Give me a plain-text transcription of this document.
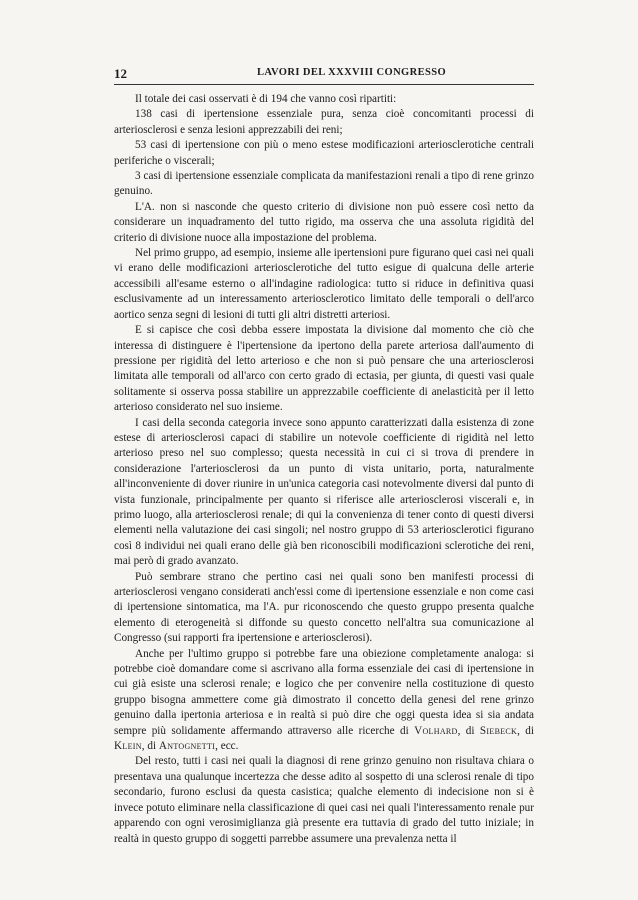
12	LAVORI DEL XXXVIII CONGRESSO

Il totale dei casi osservati è di 194 che vanno così ripartiti:

138 casi di ipertensione essenziale pura, senza cioè concomitanti processi di arteriosclerosi e senza lesioni apprezzabili dei reni;

53 casi di ipertensione con più o meno estese modificazioni arteriosclerotiche centrali periferiche o viscerali;

3 casi di ipertensione essenziale complicata da manifestazioni renali a tipo di rene grinzo genuino.

L'A. non si nasconde che questo criterio di divisione non può essere così netto da considerare un inquadramento del tutto rigido, ma osserva che una assoluta rigidità del criterio di divisione nuoce alla impostazione del problema.

Nel primo gruppo, ad esempio, insieme alle ipertensioni pure figurano quei casi nei quali vi erano delle modificazioni arteriosclerotiche del tutto esigue di qualcuna delle arterie accessibili all'esame esterno o all'indagine radiologica: tutto si riduce in definitiva quasi esclusivamente ad un interessamento arteriosclerotico limitato delle temporali o dell'arco aortico senza segni di lesioni di tutti gli altri distretti arteriosi.

E si capisce che così debba essere impostata la divisione dal momento che ciò che interessa di distinguere è l'ipertensione da ipertono della parete arteriosa dall'aumento di pressione per rigidità del letto arterioso e che non si può pensare che una arteriosclerosi limitata alle temporali od all'arco con certo grado di ectasia, per giunta, di questi vasi quale solitamente si osserva possa stabilire un apprezzabile coefficiente di anelasticità per il letto arterioso considerato nel suo insieme.

I casi della seconda categoria invece sono appunto caratterizzati dalla esistenza di zone estese di arteriosclerosi capaci di stabilire un notevole coefficiente di rigidità nel letto arterioso preso nel suo complesso; questa necessità in cui ci si trova di prendere in considerazione l'arteriosclerosi da un punto di vista unitario, porta, naturalmente all'inconveniente di dover riunire in un'unica categoria casi notevolmente diversi dal punto di vista funzionale, principalmente per quanto si riferisce alle arteriosclerosi viscerali e, in primo luogo, alla arteriosclerosi renale; di qui la convenienza di tener conto di questi diversi elementi nella valutazione dei casi singoli; nel nostro gruppo di 53 arteriosclerotici figurano così 8 individui nei quali erano delle già ben riconoscibili modificazioni sclerotiche dei reni, mai però di grado avanzato.

Può sembrare strano che pertino casi nei quali sono ben manifesti processi di arteriosclerosi vengano considerati anch'essi come di ipertensione essenziale e non come casi di ipertensione sintomatica, ma l'A. pur riconoscendo che questo gruppo presenta qualche elemento di eterogeneità si diffonde su questo concetto nell'altra sua comunicazione al Congresso (sui rapporti fra ipertensione e arteriosclerosi).

Anche per l'ultimo gruppo si potrebbe fare una obiezione completamente analoga: si potrebbe cioè domandare come si ascrivano alla forma essenziale dei casi di ipertensione in cui già esiste una sclerosi renale; e logico che per convenire nella costituzione di questo gruppo bisogna ammettere come già dimostrato il concetto della genesi del rene grinzo genuino dalla ipertonia arteriosa e in realtà si può dire che oggi questa idea si sia andata sempre più solidamente affermando attraverso alle ricerche di Volhard, di Siebeck, di Klein, di Antognetti, ecc.

Del resto, tutti i casi nei quali la diagnosi di rene grinzo genuino non risultava chiara o presentava una qualunque incertezza che desse adito al sospetto di una sclerosi renale di tipo secondario, furono esclusi da questa casistica; qualche elemento di indecisione non si è invece potuto eliminare nella classificazione di quei casi nei quali l'interessamento renale pur apparendo con ogni verosimiglianza già presente era tuttavia di grado del tutto iniziale; in realtà in questo gruppo di soggetti parrebbe assumere una prevalenza netta il
